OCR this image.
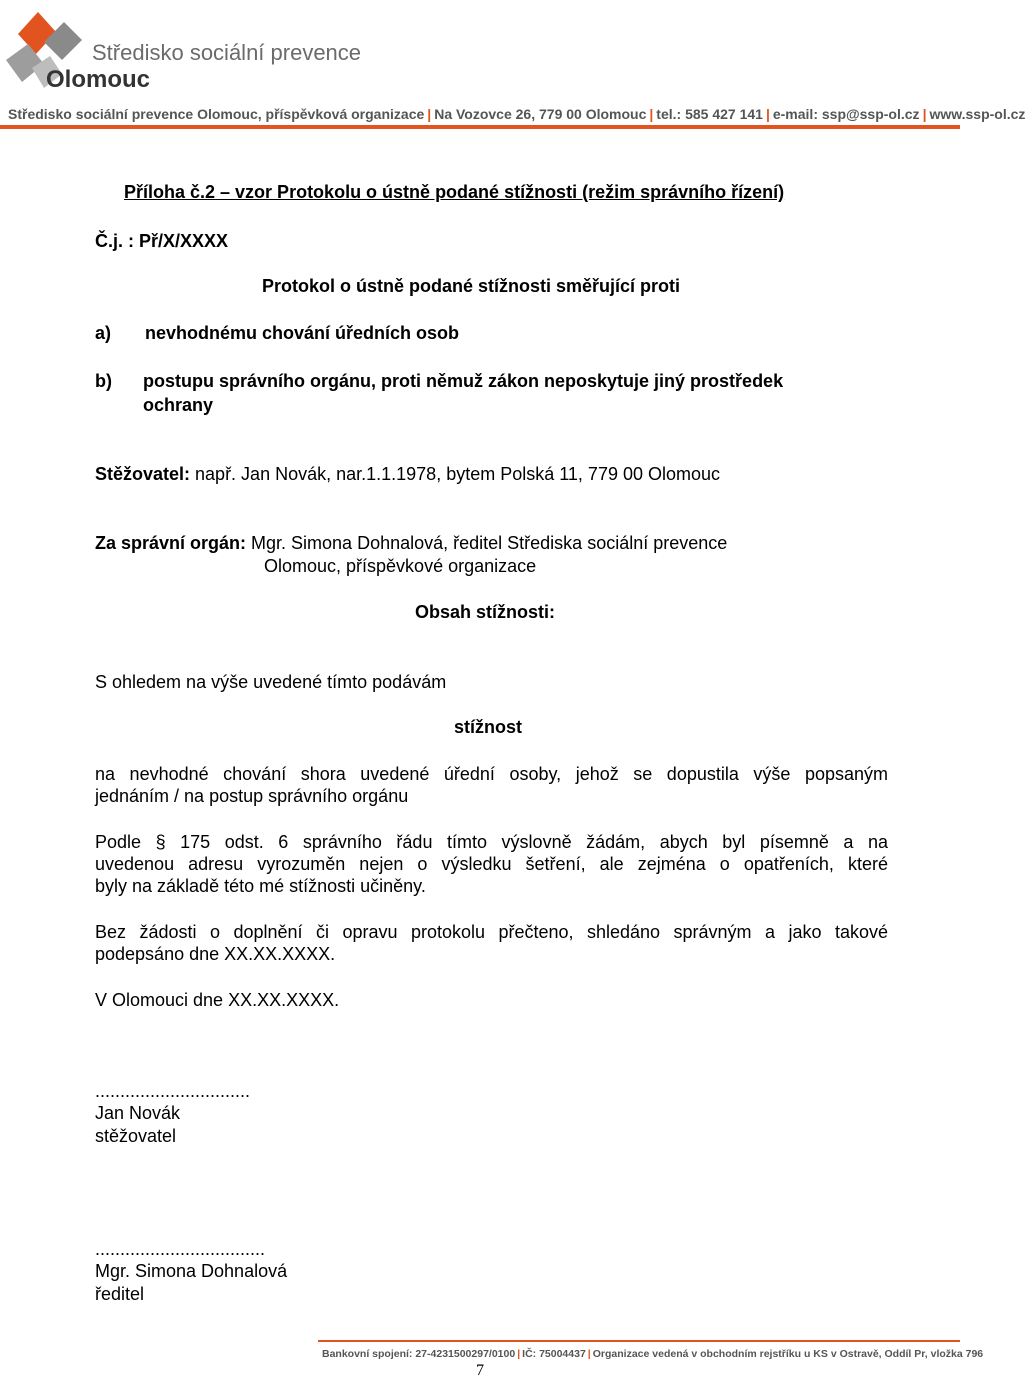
Středisko sociální prevence
Olomouc
Středisko sociální prevence Olomouc, příspěvková organizace | Na Vozovce 26, 779 00 Olomouc | tel.: 585 427 141 | e-mail: ssp@ssp-ol.cz | www.ssp-ol.cz
Příloha č.2 – vzor Protokolu o ústně podané stížnosti (režim správního řízení)
Č.j. : Př/X/XXXX
Protokol o ústně podané stížnosti směřující proti
a) nevhodnému chování úředních osob
b) postupu správního orgánu, proti němuž zákon neposkytuje jiný prostředek
ochrany
Stěžovatel: např. Jan Novák, nar.1.1.1978, bytem Polská 11, 779 00 Olomouc
Za správní orgán: Mgr. Simona Dohnalová, ředitel Střediska sociální prevence
Olomouc, příspěvkové organizace
Obsah stížnosti:
S ohledem na výše uvedené tímto podávám
stížnost
na nevhodné chování shora uvedené úřední osoby, jehož se dopustila výše popsaným
jednáním / na postup správního orgánu
Podle § 175 odst. 6 správního řádu tímto výslovně žádám, abych byl písemně a na
uvedenou adresu vyrozuměn nejen o výsledku šetření, ale zejména o opatřeních, které
byly na základě této mé stížnosti učiněny.
Bez žádosti o doplnění či opravu protokolu přečteno, shledáno správným a jako takové
podepsáno dne XX.XX.XXXX.
V Olomouci dne XX.XX.XXXX.
...............................
Jan Novák
stěžovatel
..................................
Mgr. Simona Dohnalová
ředitel
Bankovní spojení: 27-4231500297/0100 | IČ: 75004437 | Organizace vedená v obchodním rejstříku u KS v Ostravě, Oddíl Pr, vložka 796
7
